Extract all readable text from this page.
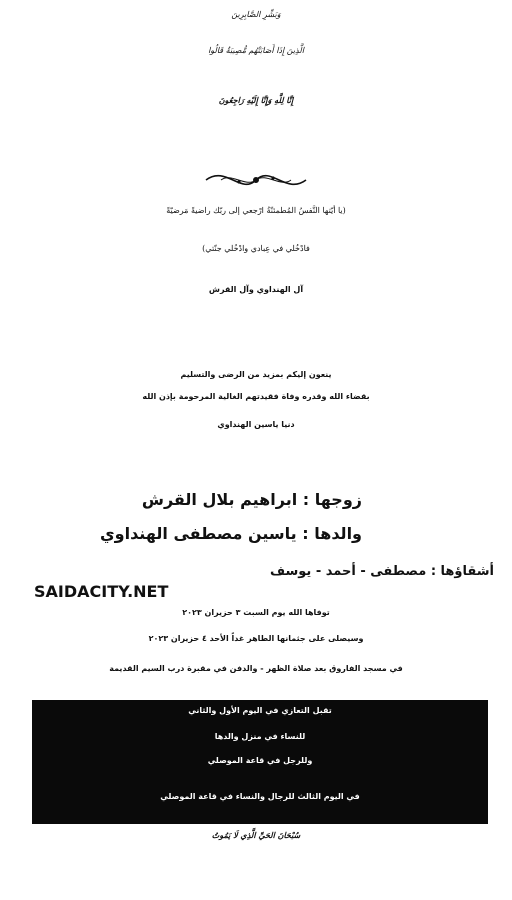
وَبَشِّرِ الصَّابِرِينَ
الَّذِينَ إِذَا أَصَابَتْهُم مُّصِيبَةٌ قَالُوا
إِنَّا لِلَّهِ وَإِنَّا إِلَيْهِ رَاجِعُونَ
(يا أيّتها النَّفسُ المُطمئنّةُ ارْجعي إلى ربّك راضيةً مَرضيّةً
فادْخُلي في عِبادي وادْخُلي جنّتي)
آل الهنداوي وآل القرش
ينعون إليكم بمزيد من الرضى والتسليم
بقضاء الله وقدره وفاة فقيدتهم الغالية المرحومة بإذن الله
دنيا ياسين الهنداوي
زوجها : ابراهيم بلال القرش
والدها : ياسين مصطفى الهنداوي
أشقاؤها : مصطفى - أحمد - يوسف
SAIDACITY.NET
توفاها الله يوم السبت ٣ حزيران ٢٠٢٣
وسيصلى على جثمانها الطاهر غداً الأحد ٤ حزيران ٢٠٢٣
في مسجد الفاروق بعد صلاة الظهر - والدفن في مقبرة درب السيم القديمة
تقبل التعازي في اليوم الأول والثاني
للنساء في منزل والدها
وللرجل في قاعة الموصلي
في اليوم الثالث للرجال والنساء في قاعة الموصلي
سُبْحَانَ الحَيِّ الَّذِي لَا يَمُوتُ
